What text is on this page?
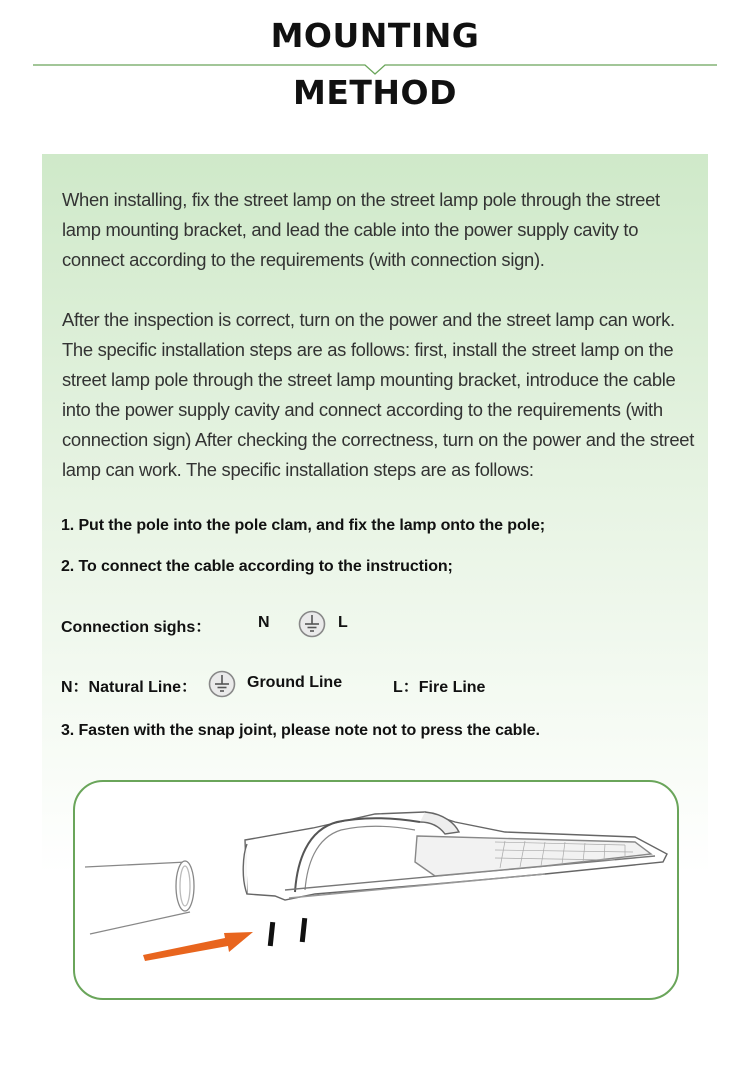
MOUNTING
METHOD
When installing, fix the street lamp on the street lamp pole through the street lamp mounting bracket, and lead the cable into the power supply cavity to connect according to the requirements (with connection sign).
After the inspection is correct, turn on the power and the street lamp can work. The specific installation steps are as follows: first, install the street lamp on the street lamp pole through the street lamp mounting bracket, introduce the cable into the power supply cavity and connect according to the requirements (with connection sign) After checking the correctness, turn on the power and the street lamp can work. The specific installation steps are as follows:
1. Put the pole into the pole clam, and fix the lamp onto the pole;
2. To connect the cable according to the instruction;
Connection sighs：	N	L
N：Natural Line：	Ground Line	L：Fire Line
3. Fasten with the snap joint, please note not to press the cable.
